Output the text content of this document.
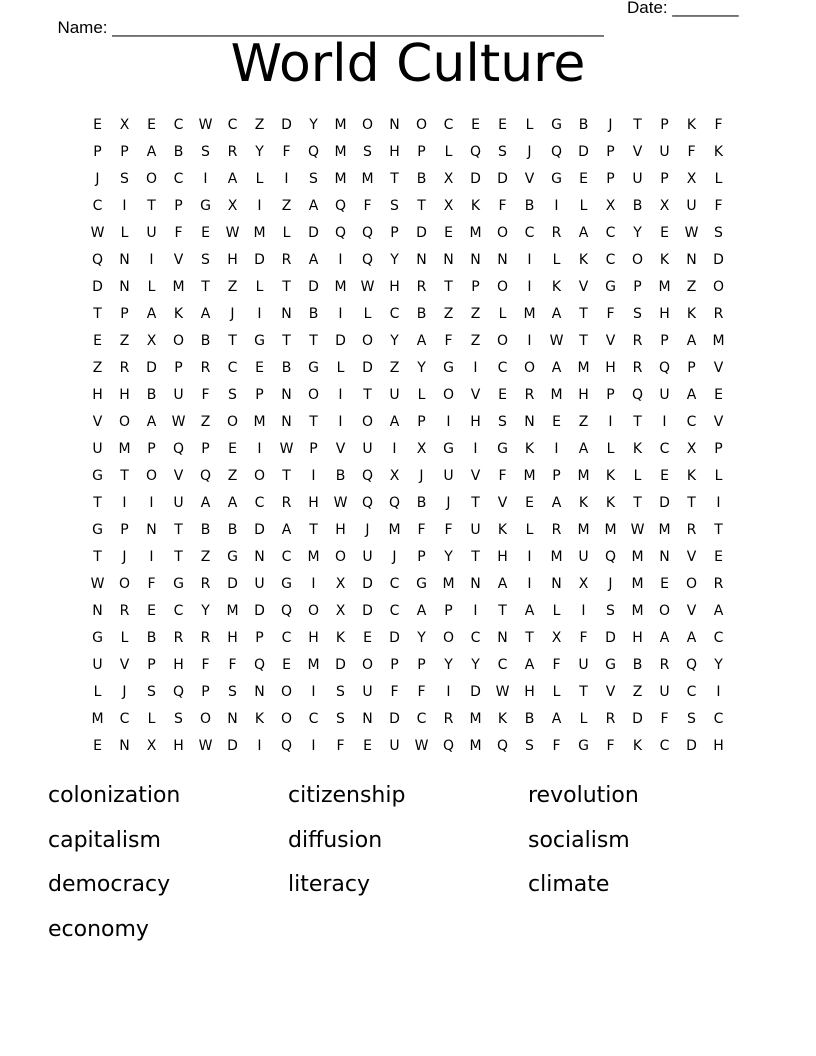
Name: ____________________________________________________

Date: _______

World Culture
E	X	E	C	W	C	Z	D	Y	M	O	N	O	C	E	E	L	G	B	J	T	P	K	F
P	P	A	B	S	R	Y	F	Q	M	S	H	P	L	Q	S	J	Q	D	P	V	U	F	K
J	S	O	C	I	A	L	I	S	M	M	T	B	X	D	D	V	G	E	P	U	P	X	L
C	I	T	P	G	X	I	Z	A	Q	F	S	T	X	K	F	B	I	L	X	B	X	U	F
W	L	U	F	E	W	M	L	D	Q	Q	P	D	E	M	O	C	R	A	C	Y	E	W	S
Q	N	I	V	S	H	D	R	A	I	Q	Y	N	N	N	N	I	L	K	C	O	K	N	D
D	N	L	M	T	Z	L	T	D	M	W	H	R	T	P	O	I	K	V	G	P	M	Z	O
T	P	A	K	A	J	I	N	B	I	L	C	B	Z	Z	L	M	A	T	F	S	H	K	R
E	Z	X	O	B	T	G	T	T	D	O	Y	A	F	Z	O	I	W	T	V	R	P	A	M
Z	R	D	P	R	C	E	B	G	L	D	Z	Y	G	I	C	O	A	M	H	R	Q	P	V
H	H	B	U	F	S	P	N	O	I	T	U	L	O	V	E	R	M	H	P	Q	U	A	E
V	O	A	W	Z	O	M	N	T	I	O	A	P	I	H	S	N	E	Z	I	T	I	C	V
U	M	P	Q	P	E	I	W	P	V	U	I	X	G	I	G	K	I	A	L	K	C	X	P
G	T	O	V	Q	Z	O	T	I	B	Q	X	J	U	V	F	M	P	M	K	L	E	K	L
T	I	I	U	A	A	C	R	H	W	Q	Q	B	J	T	V	E	A	K	K	T	D	T	I
G	P	N	T	B	B	D	A	T	H	J	M	F	F	U	K	L	R	M	M	W	M	R	T
T	J	I	T	Z	G	N	C	M	O	U	J	P	Y	T	H	I	M	U	Q	M	N	V	E
W	O	F	G	R	D	U	G	I	X	D	C	G	M	N	A	I	N	X	J	M	E	O	R
N	R	E	C	Y	M	D	Q	O	X	D	C	A	P	I	T	A	L	I	S	M	O	V	A
G	L	B	R	R	H	P	C	H	K	E	D	Y	O	C	N	T	X	F	D	H	A	A	C
U	V	P	H	F	F	Q	E	M	D	O	P	P	Y	Y	C	A	F	U	G	B	R	Q	Y
L	J	S	Q	P	S	N	O	I	S	U	F	F	I	D	W	H	L	T	V	Z	U	C	I
M	C	L	S	O	N	K	O	C	S	N	D	C	R	M	K	B	A	L	R	D	F	S	C
E	N	X	H	W	D	I	Q	I	F	E	U	W	Q	M	Q	S	F	G	F	K	C	D	H
colonization	citizenship	revolution
capitalism	diffusion	socialism
democracy	literacy	climate
economy
